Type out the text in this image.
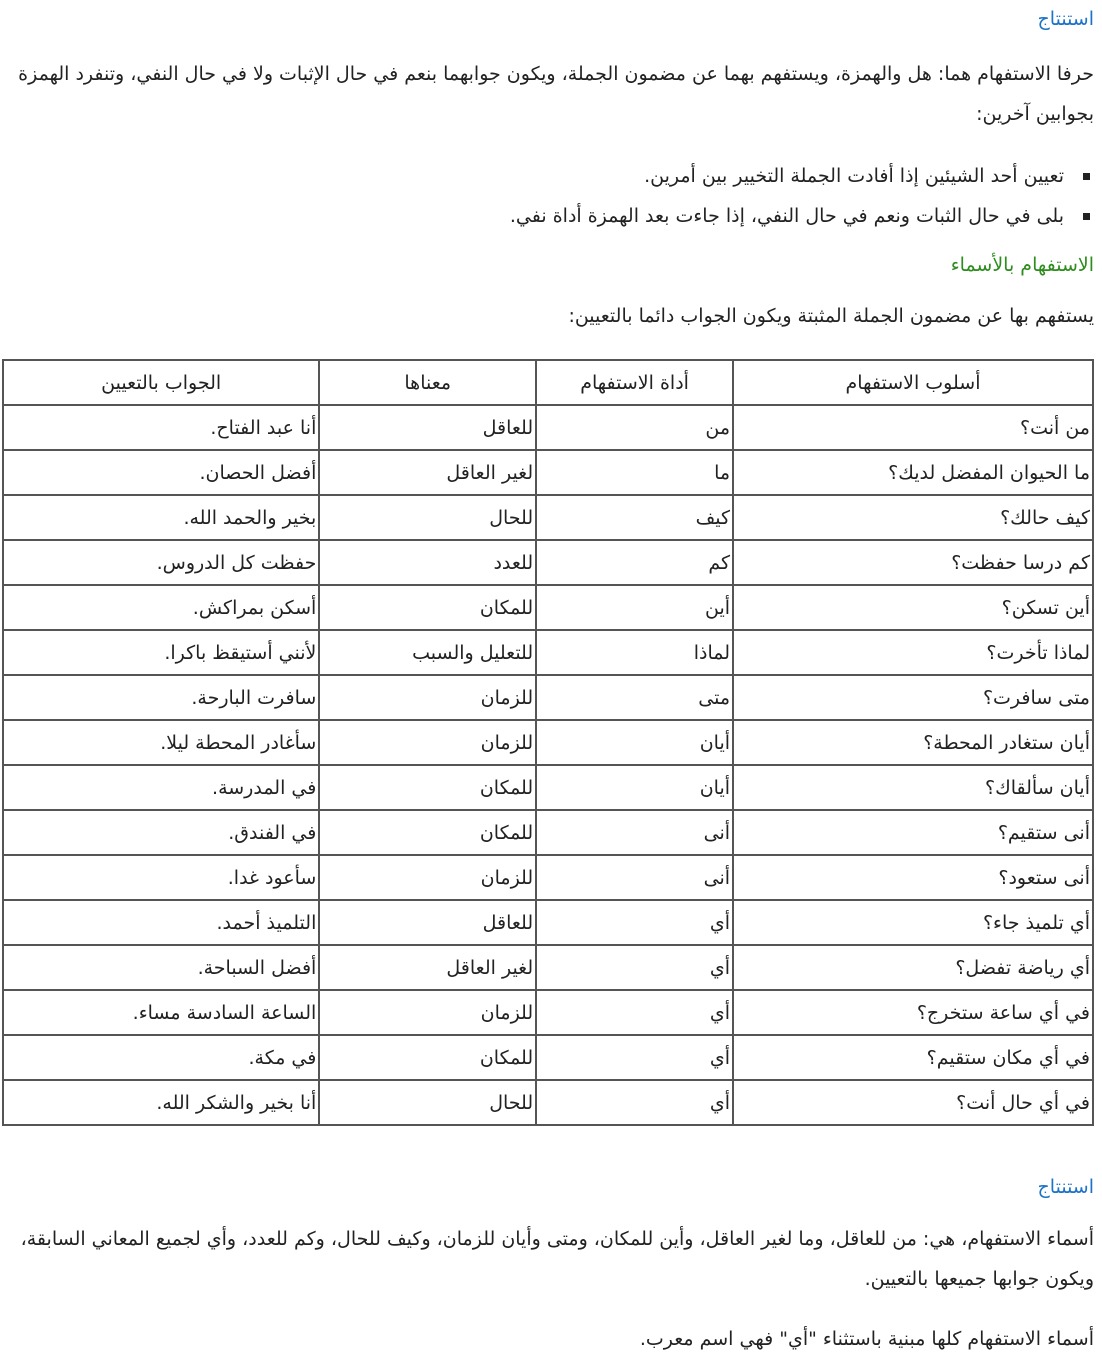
استنتاج
حرفا الاستفهام هما: هل والهمزة، ويستفهم بهما عن مضمون الجملة، ويكون جوابهما بنعم في حال الإثبات ولا في حال النفي، وتنفرد الهمزة بجوابين آخرين:
تعيين أحد الشيئين إذا أفادت الجملة التخيير بين أمرين.
بلى في حال الثبات ونعم في حال النفي، إذا جاءت بعد الهمزة أداة نفي.
الاستفهام بالأسماء
يستفهم بها عن مضمون الجملة المثبتة ويكون الجواب دائما بالتعيين:
أسلوب الاستفهام	أداة الاستفهام	معناها	الجواب بالتعيين
من أنت؟	من	للعاقل	أنا عبد الفتاح.
ما الحيوان المفضل لديك؟	ما	لغير العاقل	أفضل الحصان.
كيف حالك؟	كيف	للحال	بخير والحمد الله.
كم درسا حفظت؟	كم	للعدد	حفظت كل الدروس.
أين تسكن؟	أين	للمكان	أسكن بمراكش.
لماذا تأخرت؟	لماذا	للتعليل والسبب	لأنني أستيقظ باكرا.
متى سافرت؟	متى	للزمان	سافرت البارحة.
أيان ستغادر المحطة؟	أيان	للزمان	سأغادر المحطة ليلا.
أيان سألقاك؟	أيان	للمكان	في المدرسة.
أنى ستقيم؟	أنى	للمكان	في الفندق.
أنى ستعود؟	أنى	للزمان	سأعود غدا.
أي تلميذ جاء؟	أي	للعاقل	التلميذ أحمد.
أي رياضة تفضل؟	أي	لغير العاقل	أفضل السباحة.
في أي ساعة ستخرج؟	أي	للزمان	الساعة السادسة مساء.
في أي مكان ستقيم؟	أي	للمكان	في مكة.
في أي حال أنت؟	أي	للحال	أنا بخير والشكر الله.
استنتاج
أسماء الاستفهام، هي: من للعاقل، وما لغير العاقل، وأين للمكان، ومتى وأيان للزمان، وكيف للحال، وكم للعدد، وأي لجميع المعاني السابقة، ويكون جوابها جميعها بالتعيين.
أسماء الاستفهام كلها مبنية باستثناء "أي" فهي اسم معرب.
